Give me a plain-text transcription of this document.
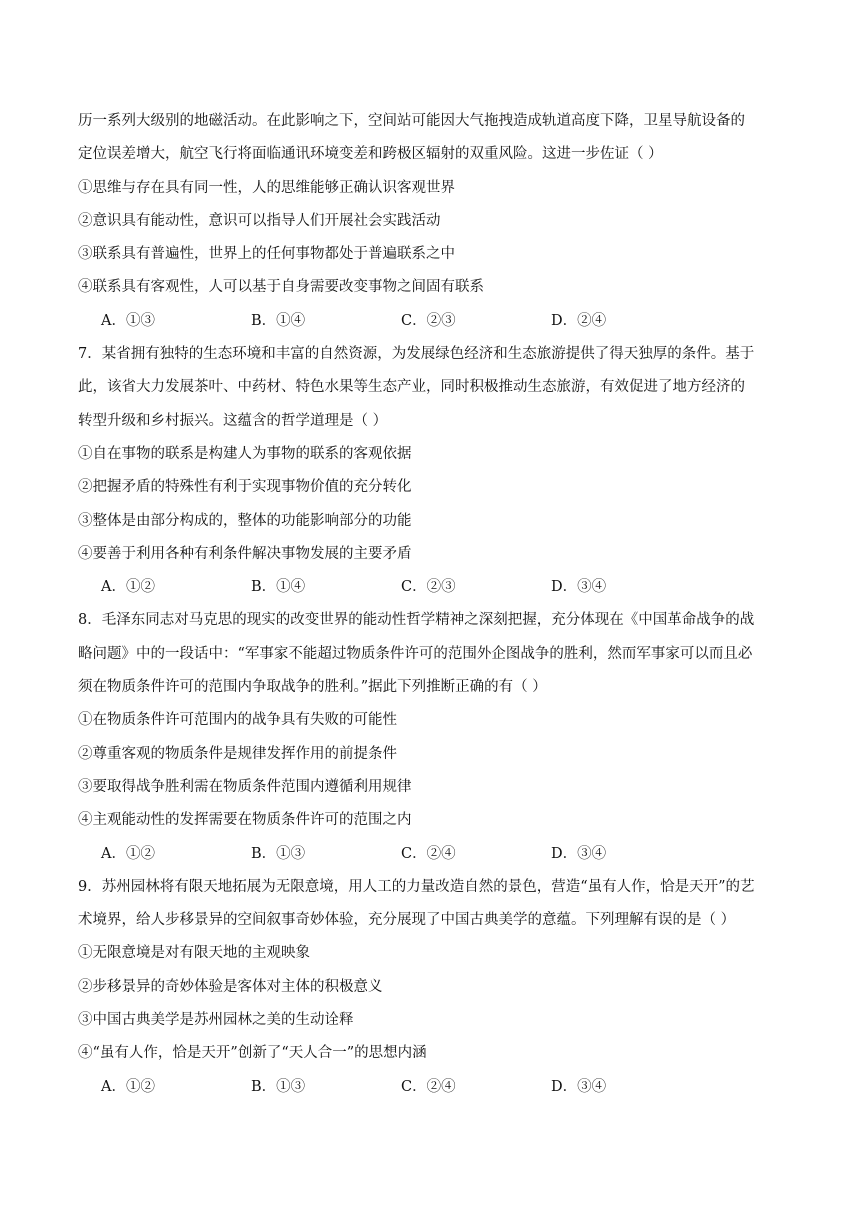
历一系列大级别的地磁活动。在此影响之下，空间站可能因大气拖拽造成轨道高度下降，卫星导航设备的
定位误差增大，航空飞行将面临通讯环境变差和跨极区辐射的双重风险。这进一步佐证（ ）
①思维与存在具有同一性，人的思维能够正确认识客观世界
②意识具有能动性，意识可以指导人们开展社会实践活动
③联系具有普遍性，世界上的任何事物都处于普遍联系之中
④联系具有客观性，人可以基于自身需要改变事物之间固有联系
A．①③	B．①④	C．②③	D．②④
7．某省拥有独特的生态环境和丰富的自然资源，为发展绿色经济和生态旅游提供了得天独厚的条件。基于
此，该省大力发展茶叶、中药材、特色水果等生态产业，同时积极推动生态旅游，有效促进了地方经济的
转型升级和乡村振兴。这蕴含的哲学道理是（ ）
①自在事物的联系是构建人为事物的联系的客观依据
②把握矛盾的特殊性有利于实现事物价值的充分转化
③整体是由部分构成的，整体的功能影响部分的功能
④要善于利用各种有利条件解决事物发展的主要矛盾
A．①②	B．①④	C．②③	D．③④
8．毛泽东同志对马克思的现实的改变世界的能动性哲学精神之深刻把握，充分体现在《中国革命战争的战
略问题》中的一段话中：“军事家不能超过物质条件许可的范围外企图战争的胜利，然而军事家可以而且必
须在物质条件许可的范围内争取战争的胜利。”据此下列推断正确的有（ ）
①在物质条件许可范围内的战争具有失败的可能性
②尊重客观的物质条件是规律发挥作用的前提条件
③要取得战争胜利需在物质条件范围内遵循利用规律
④主观能动性的发挥需要在物质条件许可的范围之内
A．①②	B．①③	C．②④	D．③④
9．苏州园林将有限天地拓展为无限意境，用人工的力量改造自然的景色，营造“虽有人作，恰是天开”的艺
术境界，给人步移景异的空间叙事奇妙体验，充分展现了中国古典美学的意蕴。下列理解有误的是（ ）
①无限意境是对有限天地的主观映象
②步移景异的奇妙体验是客体对主体的积极意义
③中国古典美学是苏州园林之美的生动诠释
④“虽有人作，恰是天开”创新了“天人合一”的思想内涵
A．①②	B．①③	C．②④	D．③④
